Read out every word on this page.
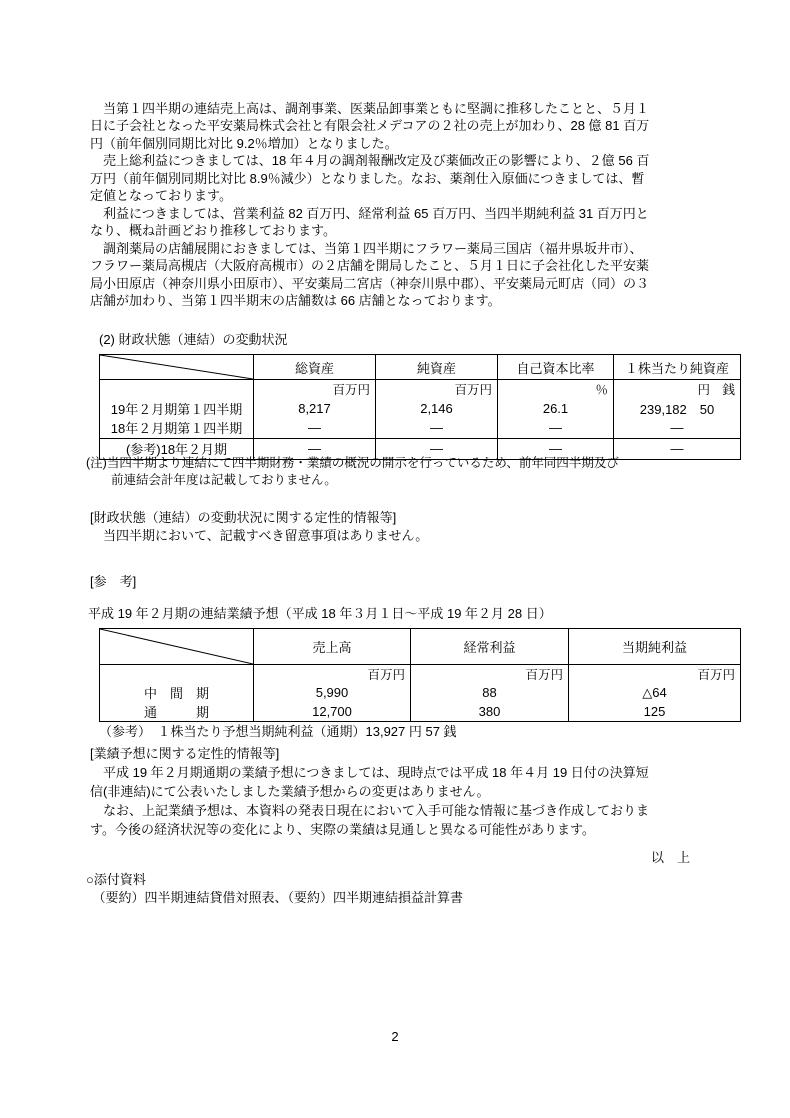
　当第１四半期の連結売上高は、調剤事業、医薬品卸事業ともに堅調に推移したことと、５月１
日に子会社となった平安薬局株式会社と有限会社メデコアの２社の売上が加わり、28 億 81 百万
円（前年個別同期比対比 9.2％増加）となりました。
　売上総利益につきましては、18 年４月の調剤報酬改定及び薬価改正の影響により、２億 56 百
万円（前年個別同期比対比 8.9％減少）となりました。なお、薬剤仕入原価につきましては、暫
定値となっております。
　利益につきましては、営業利益 82 百万円、経常利益 65 百万円、当四半期純利益 31 百万円と
なり、概ね計画どおり推移しております。
　調剤薬局の店舗展開におきましては、当第１四半期にフラワー薬局三国店（福井県坂井市）、
フラワー薬局高槻店（大阪府高槻市）の２店舗を開局したこと、５月１日に子会社化した平安薬
局小田原店（神奈川県小田原市）、平安薬局二宮店（神奈川県中郡）、平安薬局元町店（同）の３
店舗が加わり、当第１四半期末の店舗数は 66 店舗となっております。
(2) 財政状態（連結）の変動状況
	総資産	純資産	自己資本比率	１株当たり純資産
	百万円	百万円	％	円　銭
19年２月期第１四半期	8,217	2,146	26.1	239,182　50
18年２月期第１四半期	―	―	―	―
(参考)18年２月期	―	―	―	―
(注)当四半期より連結にて四半期財務・業績の概況の開示を行っているため、前年同四半期及び
　　前連結会計年度は記載しておりません。
[財政状態（連結）の変動状況に関する定性的情報等]
　当四半期において、記載すべき留意事項はありません。
[参　考]
平成 19 年２月期の連結業績予想（平成 18 年３月１日～平成 19 年２月 28 日）
	売上高	経常利益	当期純利益
	百万円	百万円	百万円
中　間　期	5,990	88	△64
通　　　期	12,700	380	125
（参考）　１株当たり予想当期純利益（通期）13,927 円 57 銭
[業績予想に関する定性的情報等]
　平成 19 年２月期通期の業績予想につきましては、現時点では平成 18 年４月 19 日付の決算短
信(非連結)にて公表いたしました業績予想からの変更はありません。
　なお、上記業績予想は、本資料の発表日現在において入手可能な情報に基づき作成しておりま
す。今後の経済状況等の変化により、実際の業績は見通しと異なる可能性があります。
以　上
○添付資料
　（要約）四半期連結貸借対照表、（要約）四半期連結損益計算書
2
